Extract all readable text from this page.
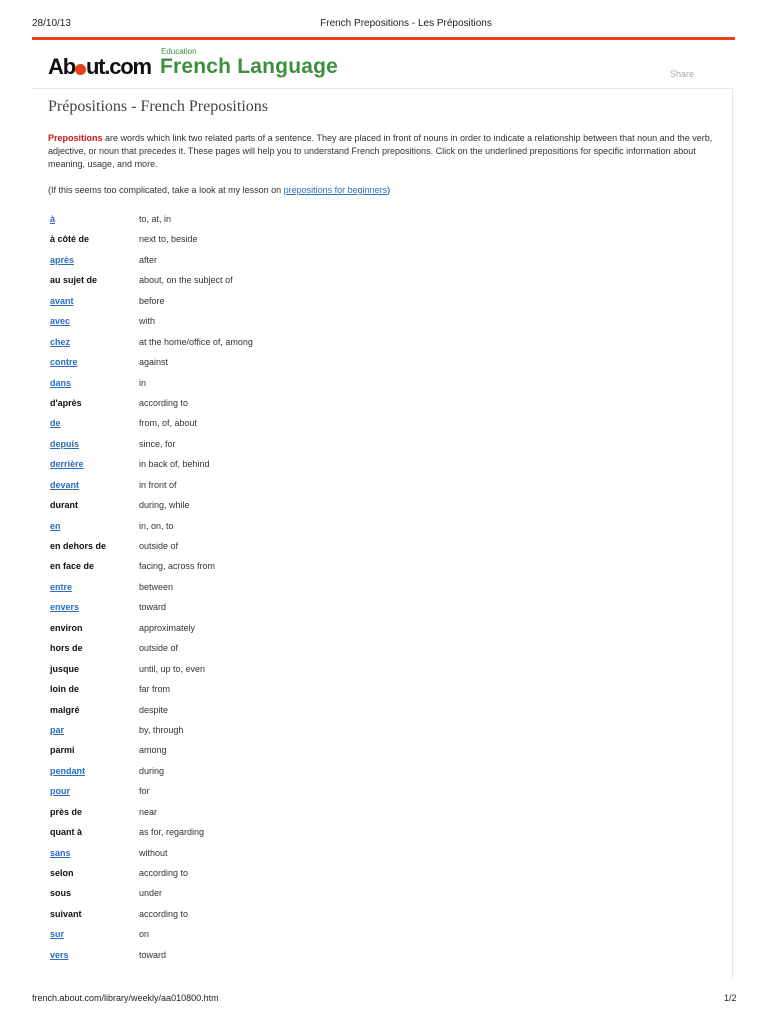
28/10/13	French Prepositions - Les Prépositions
Ab ut.com
Education
French Language	Share
Prépositions - French Prepositions
Prepositions are words which link two related parts of a sentence. They are placed in front of nouns in order to indicate a relationship between that noun and the verb, adjective, or noun that precedes it. These pages will help you to understand French prepositions. Click on the underlined prepositions for specific information about meaning, usage, and more.
(If this seems too complicated, take a look at my lesson on prepositions for beginners)
à	to, at, in
à côté de	next to, beside
après	after
au sujet de	about, on the subject of
avant	before
avec	with
chez	at the home/office of, among
contre	against
dans	in
d'après	according to
de	from, of, about
depuis	since, for
derrière	in back of, behind
devant	in front of
durant	during, while
en	in, on, to
en dehors de	outside of
en face de	facing, across from
entre	between
envers	toward
environ	approximately
hors de	outside of
jusque	until, up to, even
loin de	far from
malgré	despite
par	by, through
parmi	among
pendant	during
pour	for
près de	near
quant à	as for, regarding
sans	without
selon	according to
sous	under
suivant	according to
sur	on
vers	toward
french.about.com/library/weekly/aa010800.htm	1/2
